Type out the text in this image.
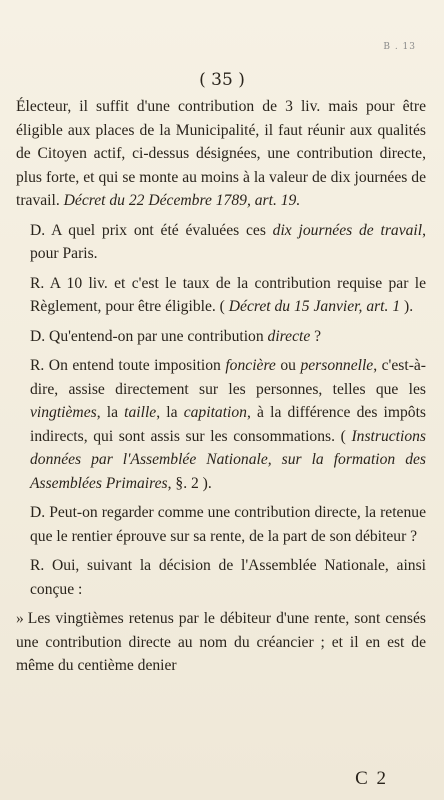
B . 13
( 35 )

Électeur, il suffit d'une contribution de 3 liv. mais pour être éligible aux places de la Municipalité, il faut réunir aux qualités de Citoyen actif, ci-dessus désignées, une contribution directe, plus forte, et qui se monte au moins à la valeur de dix journées de travail. Décret du 22 Décembre 1789, art. 19.

D. A quel prix ont été évaluées ces dix journées de travail, pour Paris.

R. A 10 liv. et c'est le taux de la contribution requise par le Règlement, pour être éligible. ( Décret du 15 Janvier, art. 1 ).

D. Qu'entend-on par une contribution directe ?

R. On entend toute imposition foncière ou personnelle, c'est-à-dire, assise directement sur les personnes, telles que les vingtièmes, la taille, la capitation, à la différence des impôts indirects, qui sont assis sur les consommations. ( Instructions données par l'Assemblée Nationale, sur la formation des Assemblées Primaires, §. 2 ).

D. Peut-on regarder comme une contribution directe, la retenue que le rentier éprouve sur sa rente, de la part de son débiteur ?

R. Oui, suivant la décision de l'Assemblée Nationale, ainsi conçue :

» Les vingtièmes retenus par le débiteur d'une rente, sont censés une contribution directe au nom du créancier ; et il en est de même du centième denier

C 2
